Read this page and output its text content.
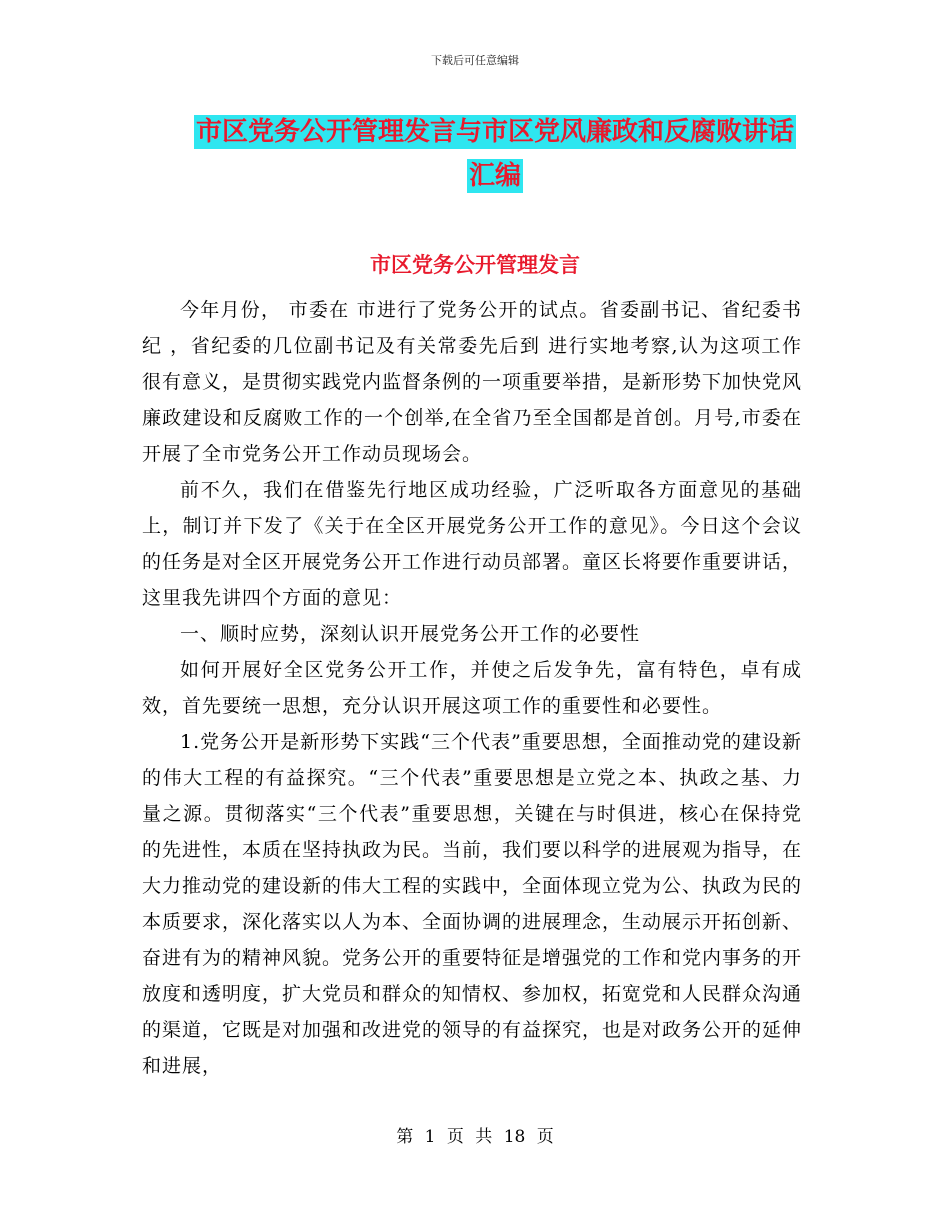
下载后可任意编辑
市区党务公开管理发言与市区党风廉政和反腐败讲话
汇编
市区党务公开管理发言

今年月份， 市委在 市进行了党务公开的试点。省委副书记、省纪委书纪 ，省纪委的几位副书记及有关常委先后到 进行实地考察,认为这项工作很有意义，是贯彻实践党内监督条例的一项重要举措，是新形势下加快党风廉政建设和反腐败工作的一个创举,在全省乃至全国都是首创。月号,市委在 开展了全市党务公开工作动员现场会。

前不久，我们在借鉴先行地区成功经验，广泛听取各方面意见的基础上，制订并下发了《关于在全区开展党务公开工作的意见》。今日这个会议的任务是对全区开展党务公开工作进行动员部署。童区长将要作重要讲话，这里我先讲四个方面的意见：

一、顺时应势，深刻认识开展党务公开工作的必要性

如何开展好全区党务公开工作，并使之后发争先，富有特色，卓有成效，首先要统一思想，充分认识开展这项工作的重要性和必要性。

1.党务公开是新形势下实践“三个代表”重要思想，全面推动党的建设新的伟大工程的有益探究。“三个代表”重要思想是立党之本、执政之基、力量之源。贯彻落实“三个代表”重要思想，关键在与时俱进，核心在保持党的先进性，本质在坚持执政为民。当前，我们要以科学的进展观为指导，在大力推动党的建设新的伟大工程的实践中，全面体现立党为公、执政为民的本质要求，深化落实以人为本、全面协调的进展理念，生动展示开拓创新、奋进有为的精神风貌。党务公开的重要特征是增强党的工作和党内事务的开放度和透明度，扩大党员和群众的知情权、参加权，拓宽党和人民群众沟通的渠道，它既是对加强和改进党的领导的有益探究，也是对政务公开的延伸和进展，

第 1 页 共 18 页
